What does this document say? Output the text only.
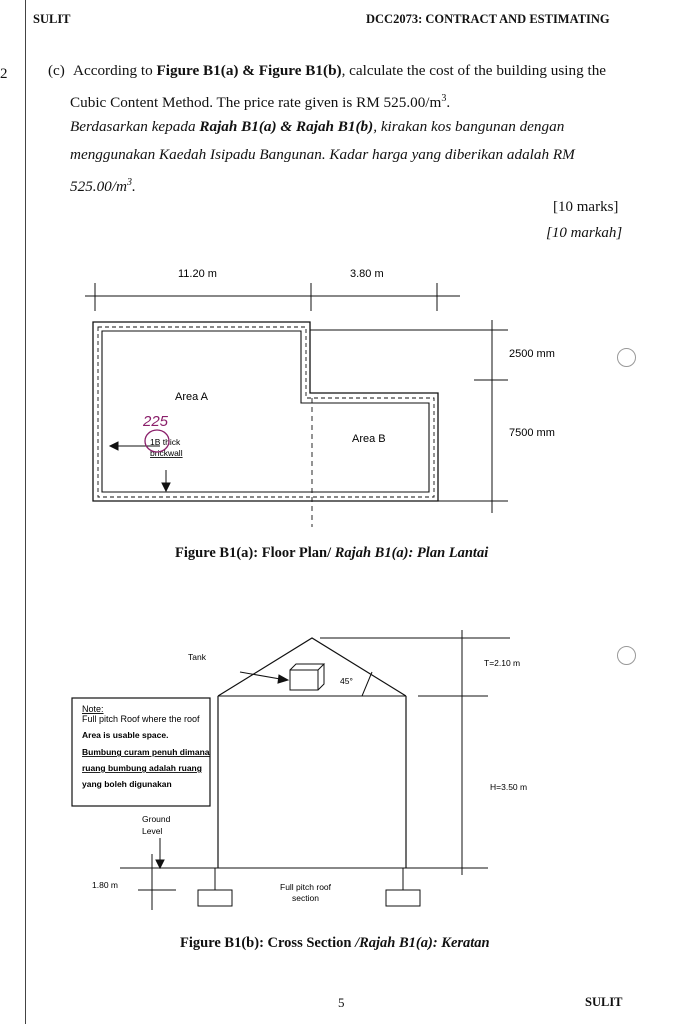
2
SULIT	DCC2073: CONTRACT AND ESTIMATING
(c) According to Figure B1(a) & Figure B1(b), calculate the cost of the building using the
Cubic Content Method. The price rate given is RM $525.00/m^3$.
Berdasarkan kepada Rajah B1(a) & Rajah B1(b), kirakan kos bangunan dengan
menggunakan Kaedah Isipadu Bangunan. Kadar harga yang diberikan adalah RM
$525.00/m^3$.
[10 marks]
[10 markah]
11.20 m	3.80 m
2500 mm
7500 mm
Area A
Area B
1B thick
brickwall
225
Figure B1(a): Floor Plan/ Rajah B1(a): Plan Lantai
Tank
45°
T=2.10 m
H=3.50 m
Note:
Full pitch Roof where the roof
Area is usable space.
Bumbung curam penuh dimana
ruang bumbung adalah ruang
yang boleh digunakan
Ground
Level
1.80 m	Full pitch roof
section
Figure B1(b): Cross Section /Rajah B1(a): Keratan
5	SULIT
